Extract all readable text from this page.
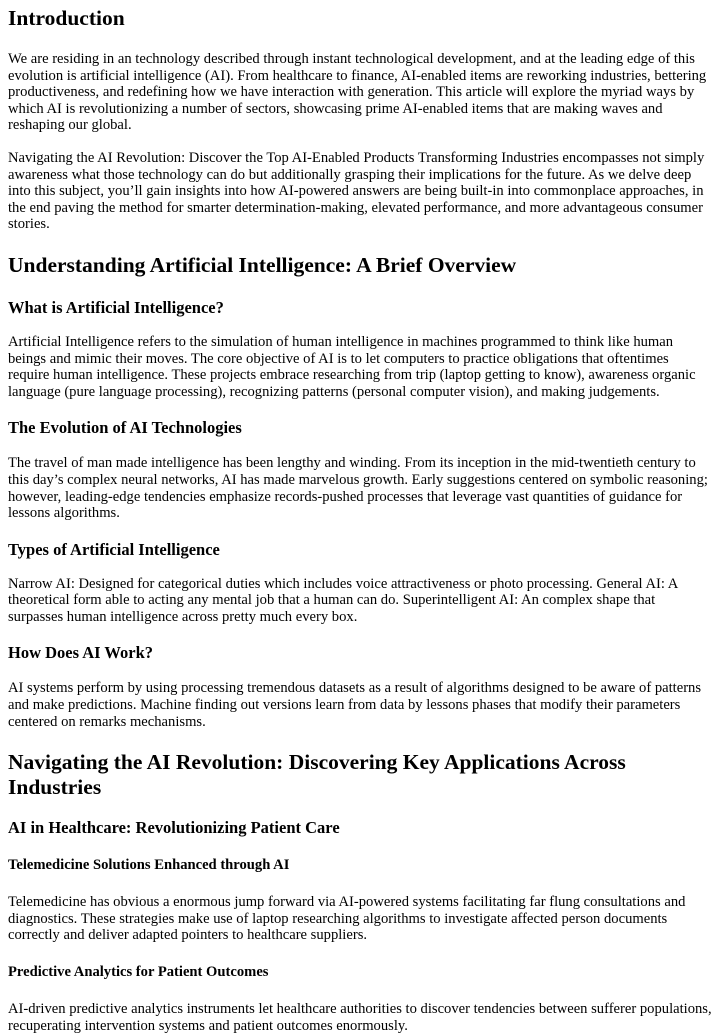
Introduction

We are residing in an technology described through instant technological development, and at the leading edge of this evolution is artificial intelligence (AI). From healthcare to finance, AI-enabled items are reworking industries, bettering productiveness, and redefining how we have interaction with generation. This article will explore the myriad ways by which AI is revolutionizing a number of sectors, showcasing prime AI-enabled items that are making waves and reshaping our global.

Navigating the AI Revolution: Discover the Top AI-Enabled Products Transforming Industries encompasses not simply awareness what those technology can do but additionally grasping their implications for the future. As we delve deep into this subject, you’ll gain insights into how AI-powered answers are being built-in into commonplace approaches, in the end paving the method for smarter determination-making, elevated performance, and more advantageous consumer stories.

Understanding Artificial Intelligence: A Brief Overview
What is Artificial Intelligence?

Artificial Intelligence refers to the simulation of human intelligence in machines programmed to think like human beings and mimic their moves. The core objective of AI is to let computers to practice obligations that oftentimes require human intelligence. These projects embrace researching from trip (laptop getting to know), awareness organic language (pure language processing), recognizing patterns (personal computer vision), and making judgements.

The Evolution of AI Technologies

The travel of man made intelligence has been lengthy and winding. From its inception in the mid-twentieth century to this day’s complex neural networks, AI has made marvelous growth. Early suggestions centered on symbolic reasoning; however, leading-edge tendencies emphasize records-pushed processes that leverage vast quantities of guidance for lessons algorithms.

Types of Artificial Intelligence

Narrow AI: Designed for categorical duties which includes voice attractiveness or photo processing. General AI: A theoretical form able to acting any mental job that a human can do. Superintelligent AI: An complex shape that surpasses human intelligence across pretty much every box.

How Does AI Work?

AI systems perform by using processing tremendous datasets as a result of algorithms designed to be aware of patterns and make predictions. Machine finding out versions learn from data by lessons phases that modify their parameters centered on remarks mechanisms.

Navigating the AI Revolution: Discovering Key Applications Across Industries
AI in Healthcare: Revolutionizing Patient Care
Telemedicine Solutions Enhanced through AI

Telemedicine has obvious a enormous jump forward via AI-powered systems facilitating far flung consultations and diagnostics. These strategies make use of laptop researching algorithms to investigate affected person documents correctly and deliver adapted pointers to healthcare suppliers.

Predictive Analytics for Patient Outcomes

AI-driven predictive analytics instruments let healthcare authorities to discover tendencies between sufferer populations, recuperating intervention systems and patient outcomes enormously.
